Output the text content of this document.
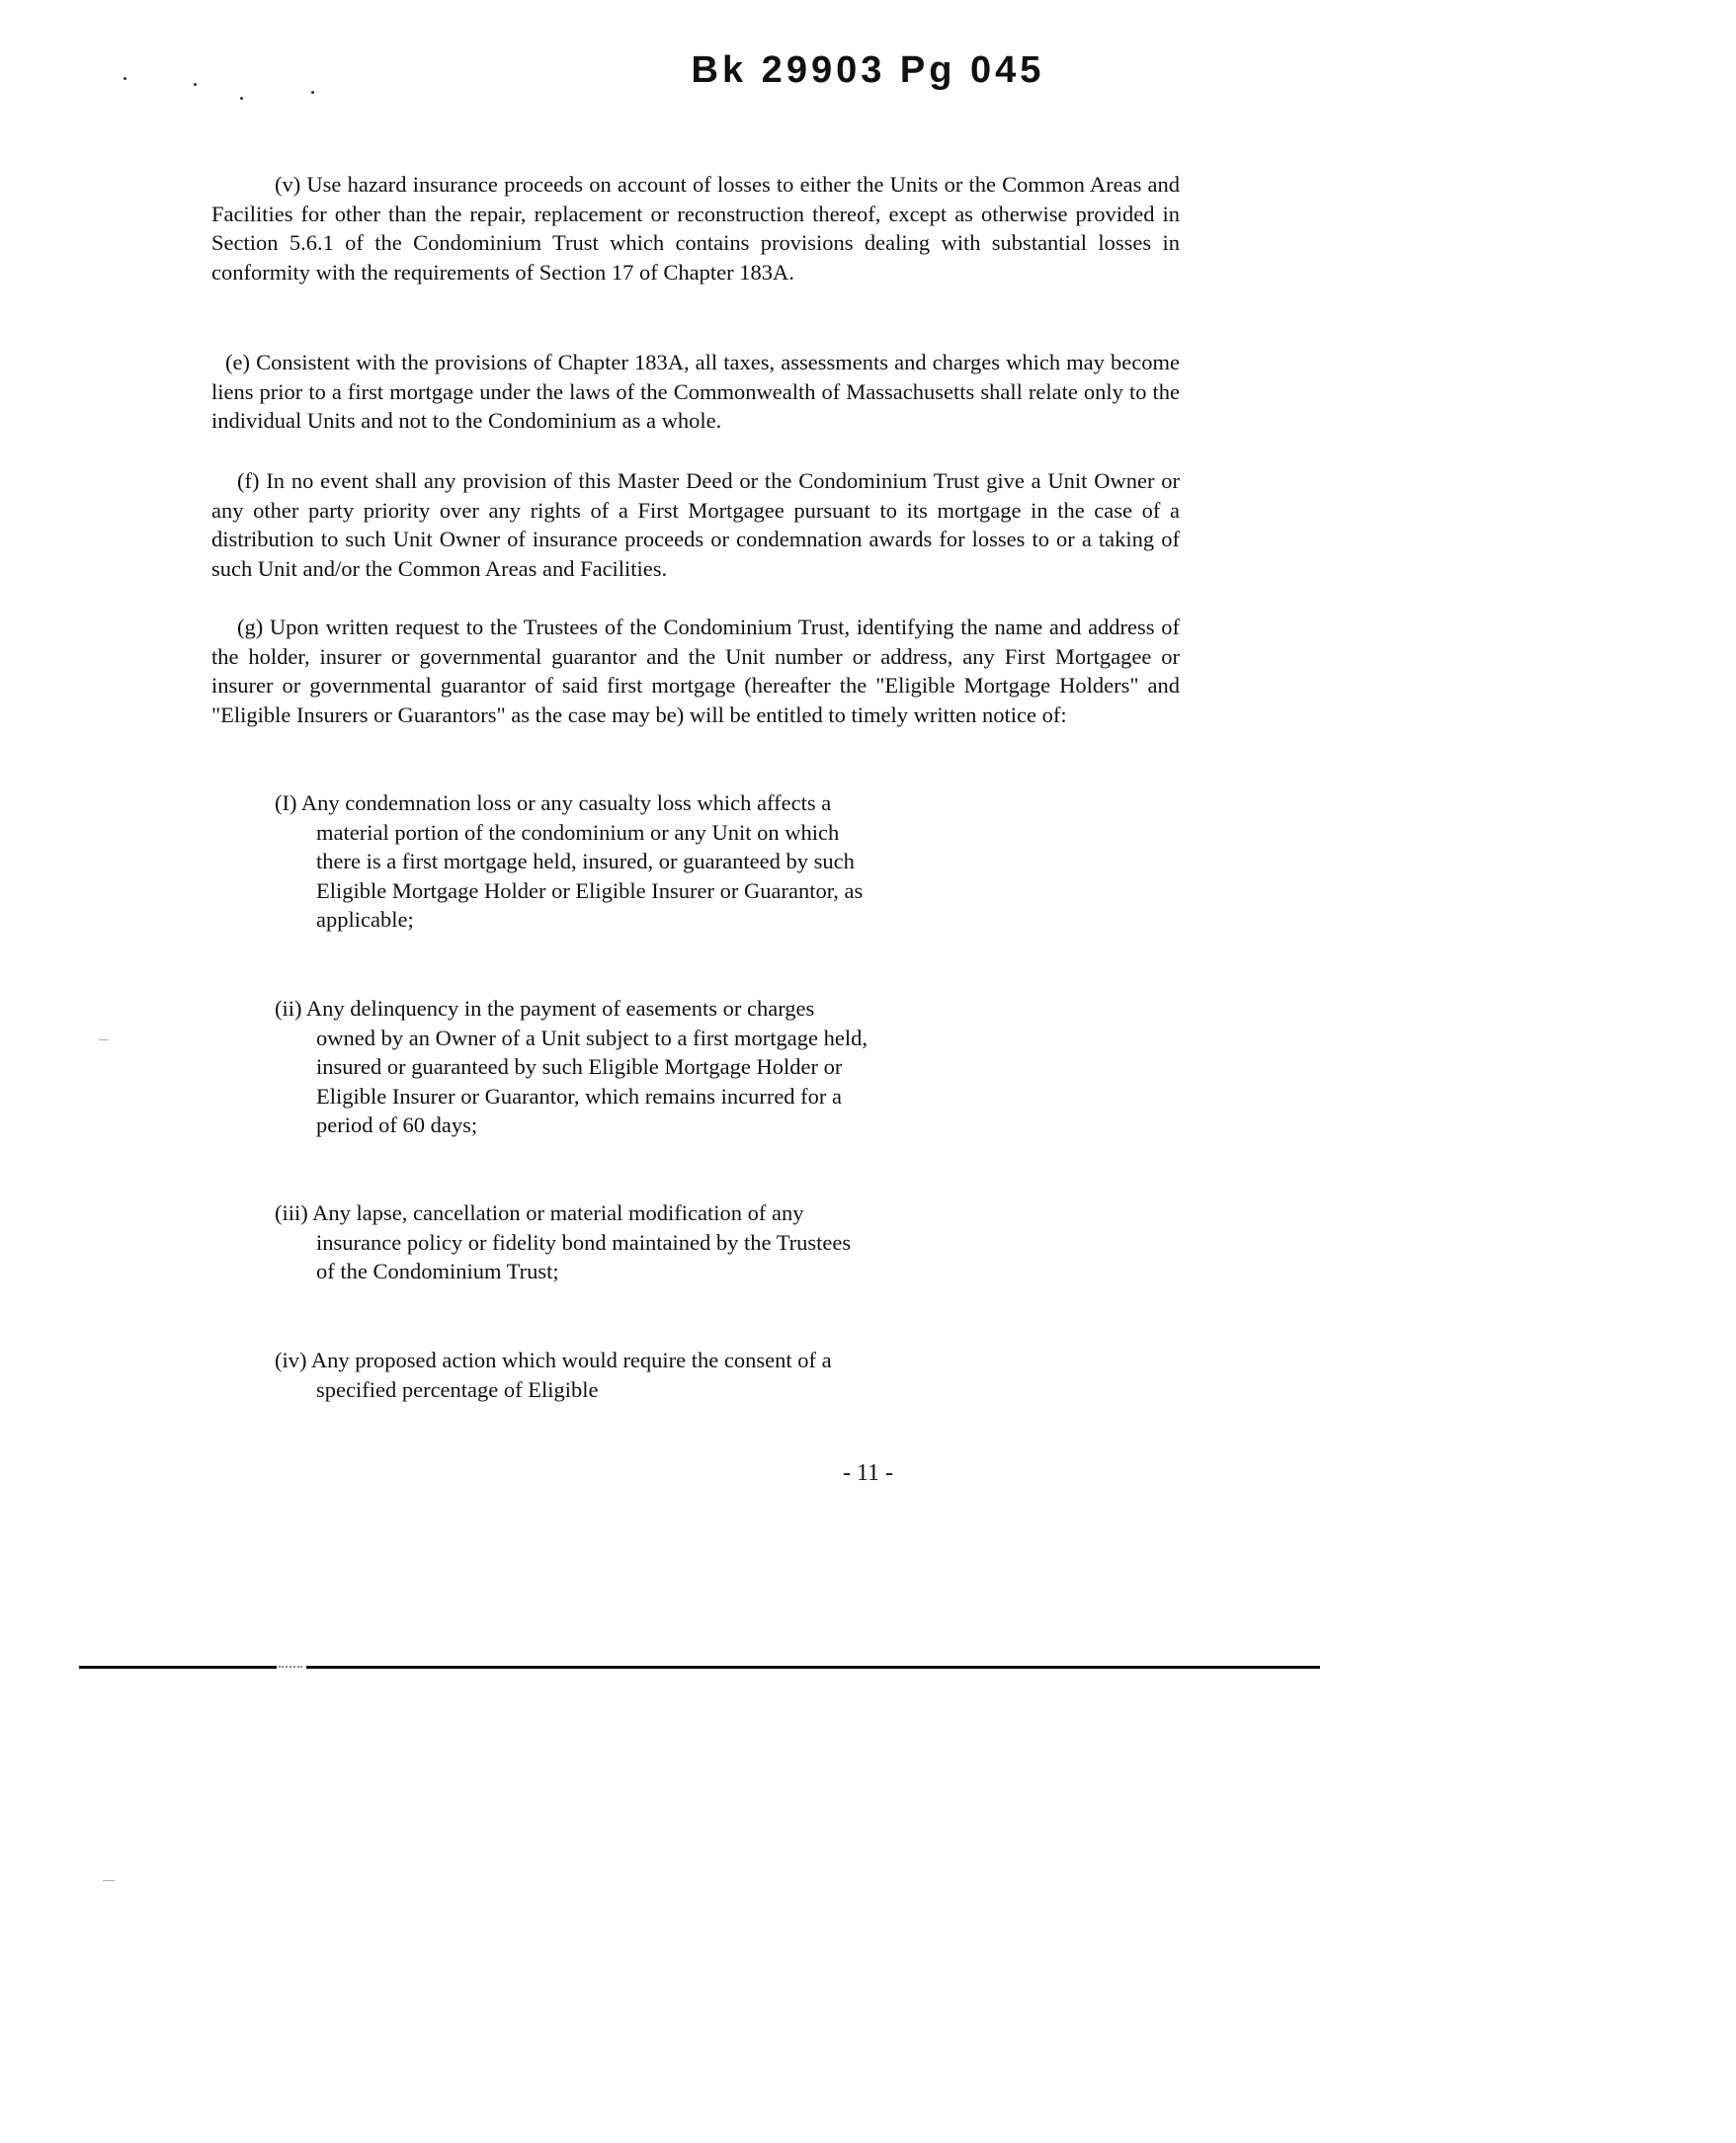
Bk 29903 Pg 045

(v) Use hazard insurance proceeds on account of losses to either the Units or the Common Areas and Facilities for other than the repair, replacement or reconstruction thereof, except as otherwise provided in Section 5.6.1 of the Condominium Trust which contains provisions dealing with substantial losses in conformity with the requirements of Section 17 of Chapter 183A.

(e) Consistent with the provisions of Chapter 183A, all taxes, assessments and charges which may become liens prior to a first mortgage under the laws of the Commonwealth of Massachusetts shall relate only to the individual Units and not to the Condominium as a whole.

(f) In no event shall any provision of this Master Deed or the Condominium Trust give a Unit Owner or any other party priority over any rights of a First Mortgagee pursuant to its mortgage in the case of a distribution to such Unit Owner of insurance proceeds or condemnation awards for losses to or a taking of such Unit and/or the Common Areas and Facilities.

(g) Upon written request to the Trustees of the Condominium Trust, identifying the name and address of the holder, insurer or governmental guarantor and the Unit number or address, any First Mortgagee or insurer or governmental guarantor of said first mortgage (hereafter the "Eligible Mortgage Holders" and "Eligible Insurers or Guarantors" as the case may be) will be entitled to timely written notice of:

(I) Any condemnation loss or any casualty loss which affects a material portion of the condominium or any Unit on which there is a first mortgage held, insured, or guaranteed by such Eligible Mortgage Holder or Eligible Insurer or Guarantor, as applicable;

(ii) Any delinquency in the payment of easements or charges owned by an Owner of a Unit subject to a first mortgage held, insured or guaranteed by such Eligible Mortgage Holder or Eligible Insurer or Guarantor, which remains incurred for a period of 60 days;

(iii) Any lapse, cancellation or material modification of any insurance policy or fidelity bond maintained by the Trustees of the Condominium Trust;

(iv) Any proposed action which would require the consent of a specified percentage of Eligible

- 11 -
